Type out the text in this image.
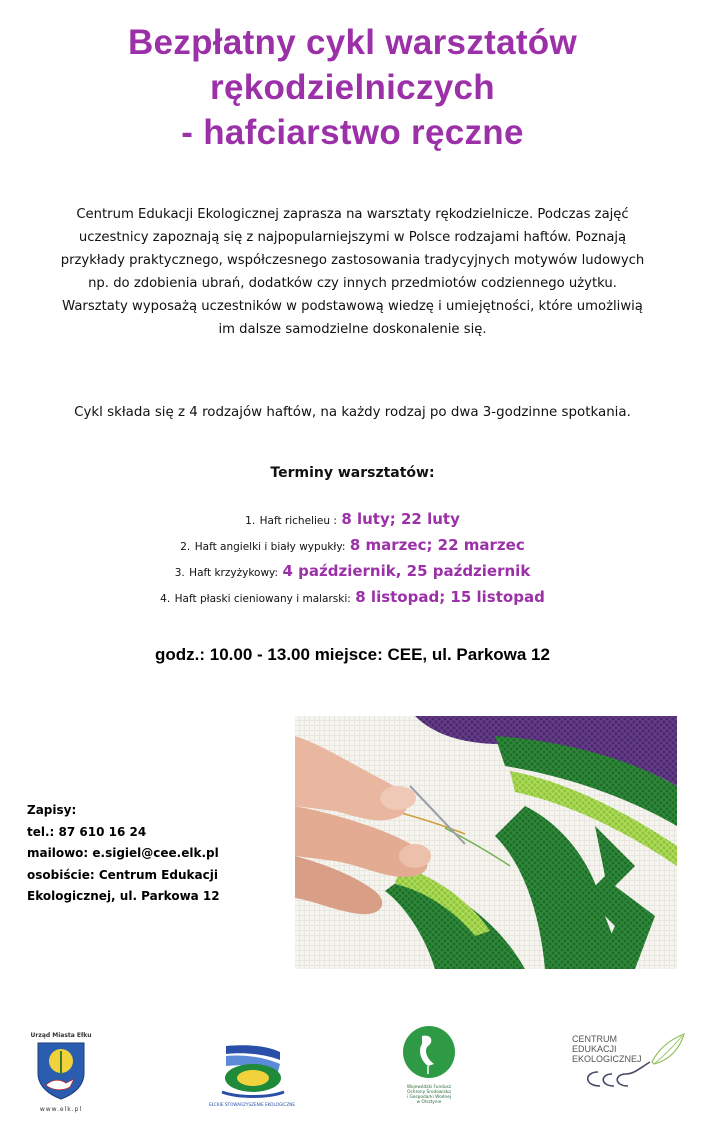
Bezpłatny cykl warsztatów
rękodzielniczych
- hafciarstwo ręczne
Centrum Edukacji Ekologicznej zaprasza na warsztaty rękodzielnicze. Podczas zajęć
uczestnicy zapoznają się z najpopularniejszymi w Polsce rodzajami haftów. Poznają
przykłady praktycznego, współczesnego zastosowania tradycyjnych motywów ludowych
np. do zdobienia ubrań, dodatków czy innych przedmiotów codziennego użytku.
Warsztaty wyposażą uczestników w podstawową wiedzę i umiejętności, które umożliwią
im dalsze samodzielne doskonalenie się.
Cykl składa się z 4 rodzajów haftów, na każdy rodzaj po dwa 3-godzinne spotkania.
Terminy warsztatów:
1. Haft richelieu : 8 luty; 22 luty
2. Haft angielki i biały wypukły: 8 marzec; 22 marzec
3. Haft krzyżykowy: 4 październik, 25 październik
4. Haft płaski cieniowany i malarski: 8 listopad; 15 listopad
godz.: 10.00 - 13.00 miejsce: CEE, ul. Parkowa 12
Zapisy:
tel.: 87 610 16 24
mailowo: e.sigiel@cee.elk.pl
osobiście: Centrum Edukacji
Ekologicznej, ul. Parkowa 12
Urząd Miasta Ełku
www.elk.pl
EŁCKIE STOWARZYSZENIE EKOLOGICZNE
Wojewódzki Fundusz
Ochrony Środowiska
i Gospodarki Wodnej
w Olsztynie
CENTRUM
EDUKACJI
EKOLOGICZNEJ
